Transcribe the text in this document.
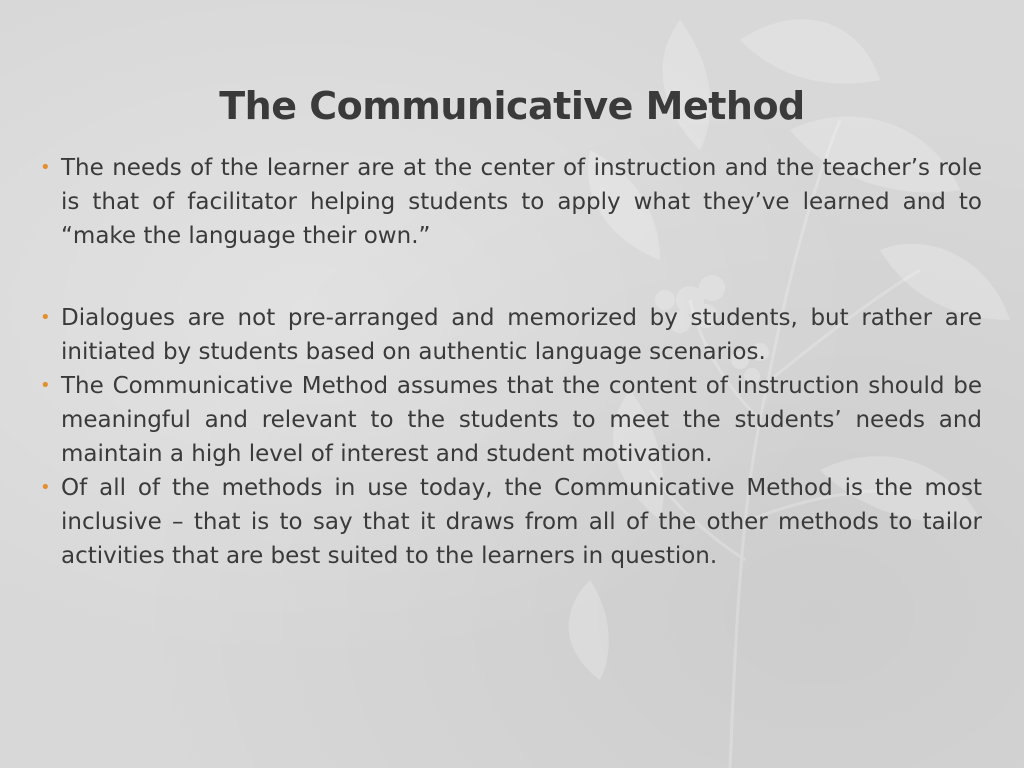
The Communicative Method
• The needs of the learner are at the center of instruction and the teacher’s role is that of facilitator helping students to apply what they’ve learned and to “make the language their own.”
• Dialogues are not pre-arranged and memorized by students, but rather are initiated by students based on authentic language scenarios.
• The Communicative Method assumes that the content of instruction should be meaningful and relevant to the students to meet the students’ needs and maintain a high level of interest and student motivation.
• Of all of the methods in use today, the Communicative Method is the most inclusive – that is to say that it draws from all of the other methods to tailor activities that are best suited to the learners in question.
